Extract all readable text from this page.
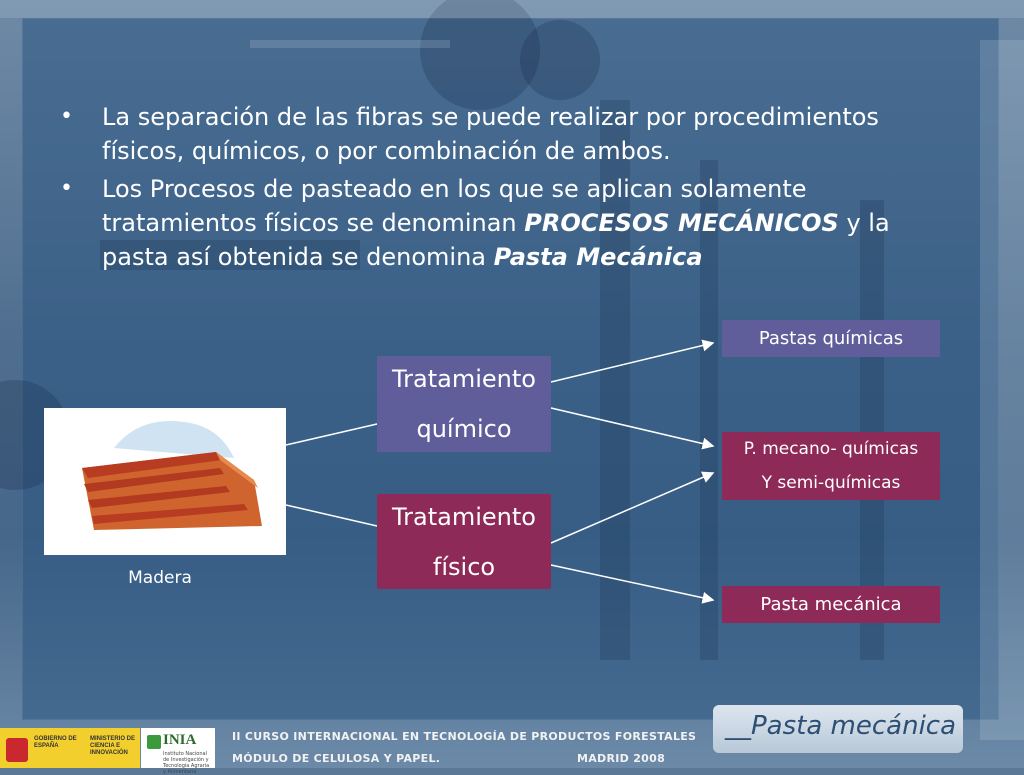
• La separación de las fibras se puede realizar por procedimientos físicos, químicos, o por combinación de ambos.
• Los Procesos de pasteado en los que se aplican solamente tratamientos físicos se denominan PROCESOS MECÁNICOS y la pasta así obtenida se denomina Pasta Mecánica
Madera
Tratamiento
químico
Tratamiento
físico
Pastas químicas
P. mecano- químicas
Y semi-químicas
Pasta mecánica
GOBIERNO DE ESPAÑA
MINISTERIO DE CIENCIA E INNOVACIÓN
INIA
Instituto Nacional de Investigación y Tecnología Agraria y Alimentaria
II CURSO INTERNACIONAL EN TECNOLOGÍA DE PRODUCTOS FORESTALES
MÓDULO DE CELULOSA Y PAPEL.	MADRID 2008
__Pasta mecánica
